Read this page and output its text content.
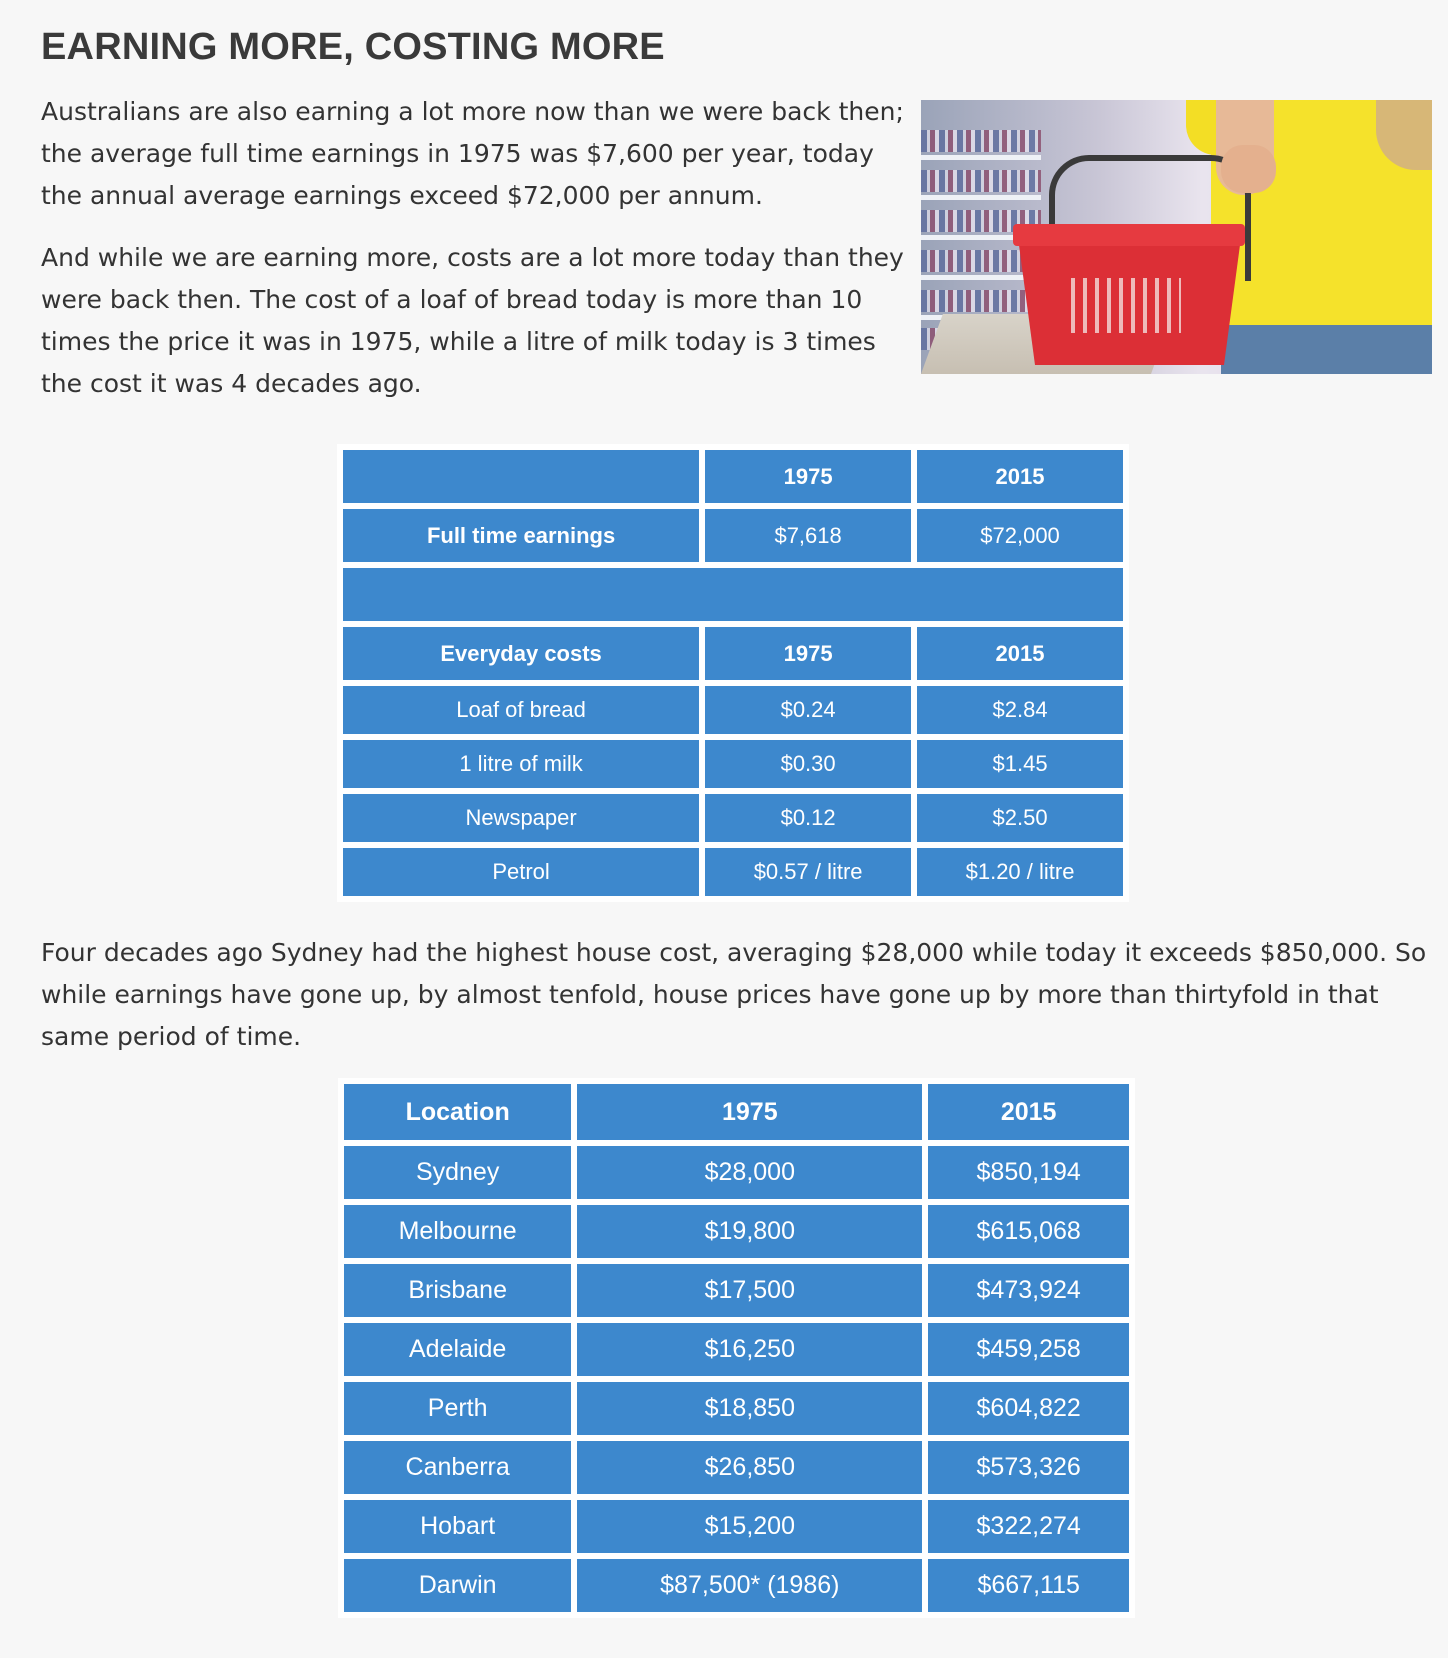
EARNING MORE, COSTING MORE

Australians are also earning a lot more now than we were back then; the average full time earnings in 1975 was $7,600 per year, today the annual average earnings exceed $72,000 per annum.

And while we are earning more, costs are a lot more today than they were back then. The cost of a loaf of bread today is more than 10 times the price it was in 1975, while a litre of milk today is 3 times the cost it was 4 decades ago.

	1975	2015
Full time earnings	$7,618	$72,000

Everyday costs	1975	2015
Loaf of bread	$0.24	$2.84
1 litre of milk	$0.30	$1.45
Newspaper	$0.12	$2.50
Petrol	$0.57 / litre	$1.20 / litre

Four decades ago Sydney had the highest house cost, averaging $28,000 while today it exceeds $850,000. So while earnings have gone up, by almost tenfold, house prices have gone up by more than thirtyfold in that same period of time.

Location	1975	2015
Sydney	$28,000	$850,194
Melbourne	$19,800	$615,068
Brisbane	$17,500	$473,924
Adelaide	$16,250	$459,258
Perth	$18,850	$604,822
Canberra	$26,850	$573,326
Hobart	$15,200	$322,274
Darwin	$87,500* (1986)	$667,115
